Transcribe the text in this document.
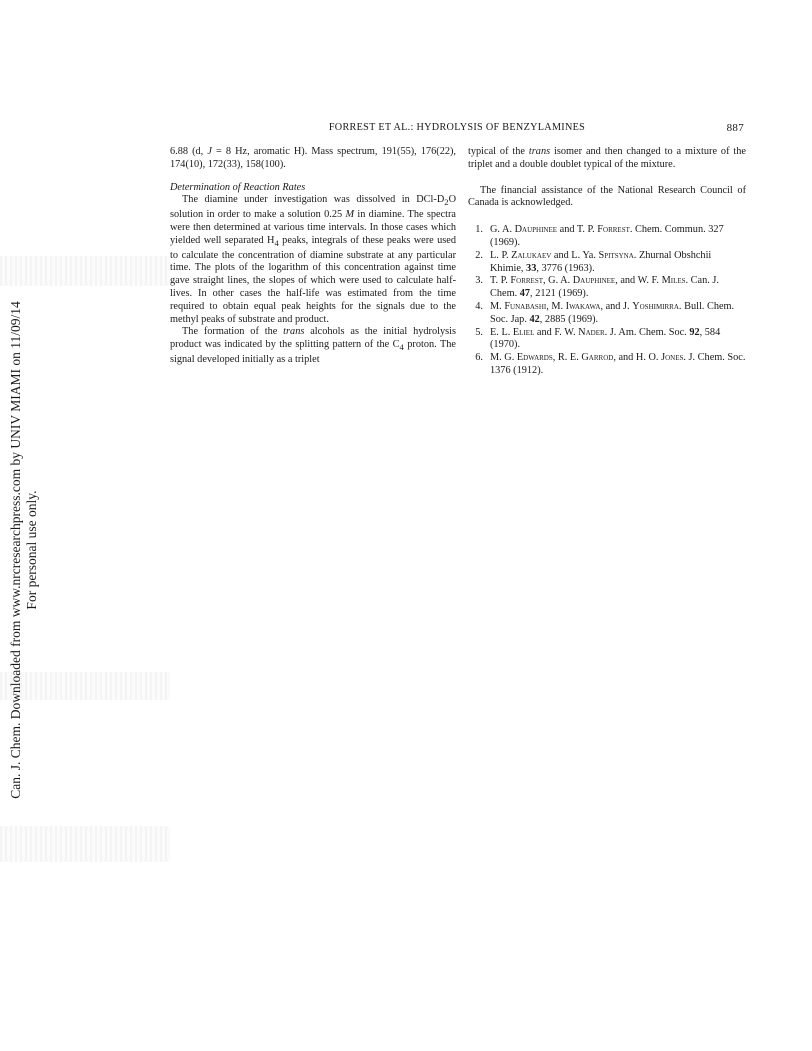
Can. J. Chem. Downloaded from www.nrcresearchpress.com by UNIV MIAMI on 11/09/14 For personal use only.
FORREST ET AL.: HYDROLYSIS OF BENZYLAMINES	887

6.88 (d, J = 8 Hz, aromatic H). Mass spectrum, 191(55), 176(22), 174(10), 172(33), 158(100).

Determination of Reaction Rates

The diamine under investigation was dissolved in DCl-$D_2O$ solution in order to make a solution 0.25 M in diamine. The spectra were then determined at various time intervals. In those cases which yielded well separated $H_4$ peaks, integrals of these peaks were used to calculate the concentration of diamine substrate at any particular time. The plots of the logarithm of this concentration against time gave straight lines, the slopes of which were used to calculate half-lives. In other cases the half-life was estimated from the time required to obtain equal peak heights for the signals due to the methyl peaks of substrate and product.

The formation of the trans alcohols as the initial hydrolysis product was indicated by the splitting pattern of the $C_4$ proton. The signal developed initially as a triplet

typical of the trans isomer and then changed to a mixture of the triplet and a double doublet typical of the mixture.

The financial assistance of the National Research Council of Canada is acknowledged.

1. G. A. Dauphinee and T. P. Forrest. Chem. Commun. 327 (1969).
2. L. P. Zalukaev and L. Ya. Spitsyna. Zhurnal Obshchii Khimie, 33, 3776 (1963).
3. T. P. Forrest, G. A. Dauphinee, and W. F. Miles. Can. J. Chem. 47, 2121 (1969).
4. M. Funabashi, M. Iwakawa, and J. Yoshimirra. Bull. Chem. Soc. Jap. 42, 2885 (1969).
5. E. L. Eliel and F. W. Nader. J. Am. Chem. Soc. 92, 584 (1970).
6. M. G. Edwards, R. E. Garrod, and H. O. Jones. J. Chem. Soc. 1376 (1912).
